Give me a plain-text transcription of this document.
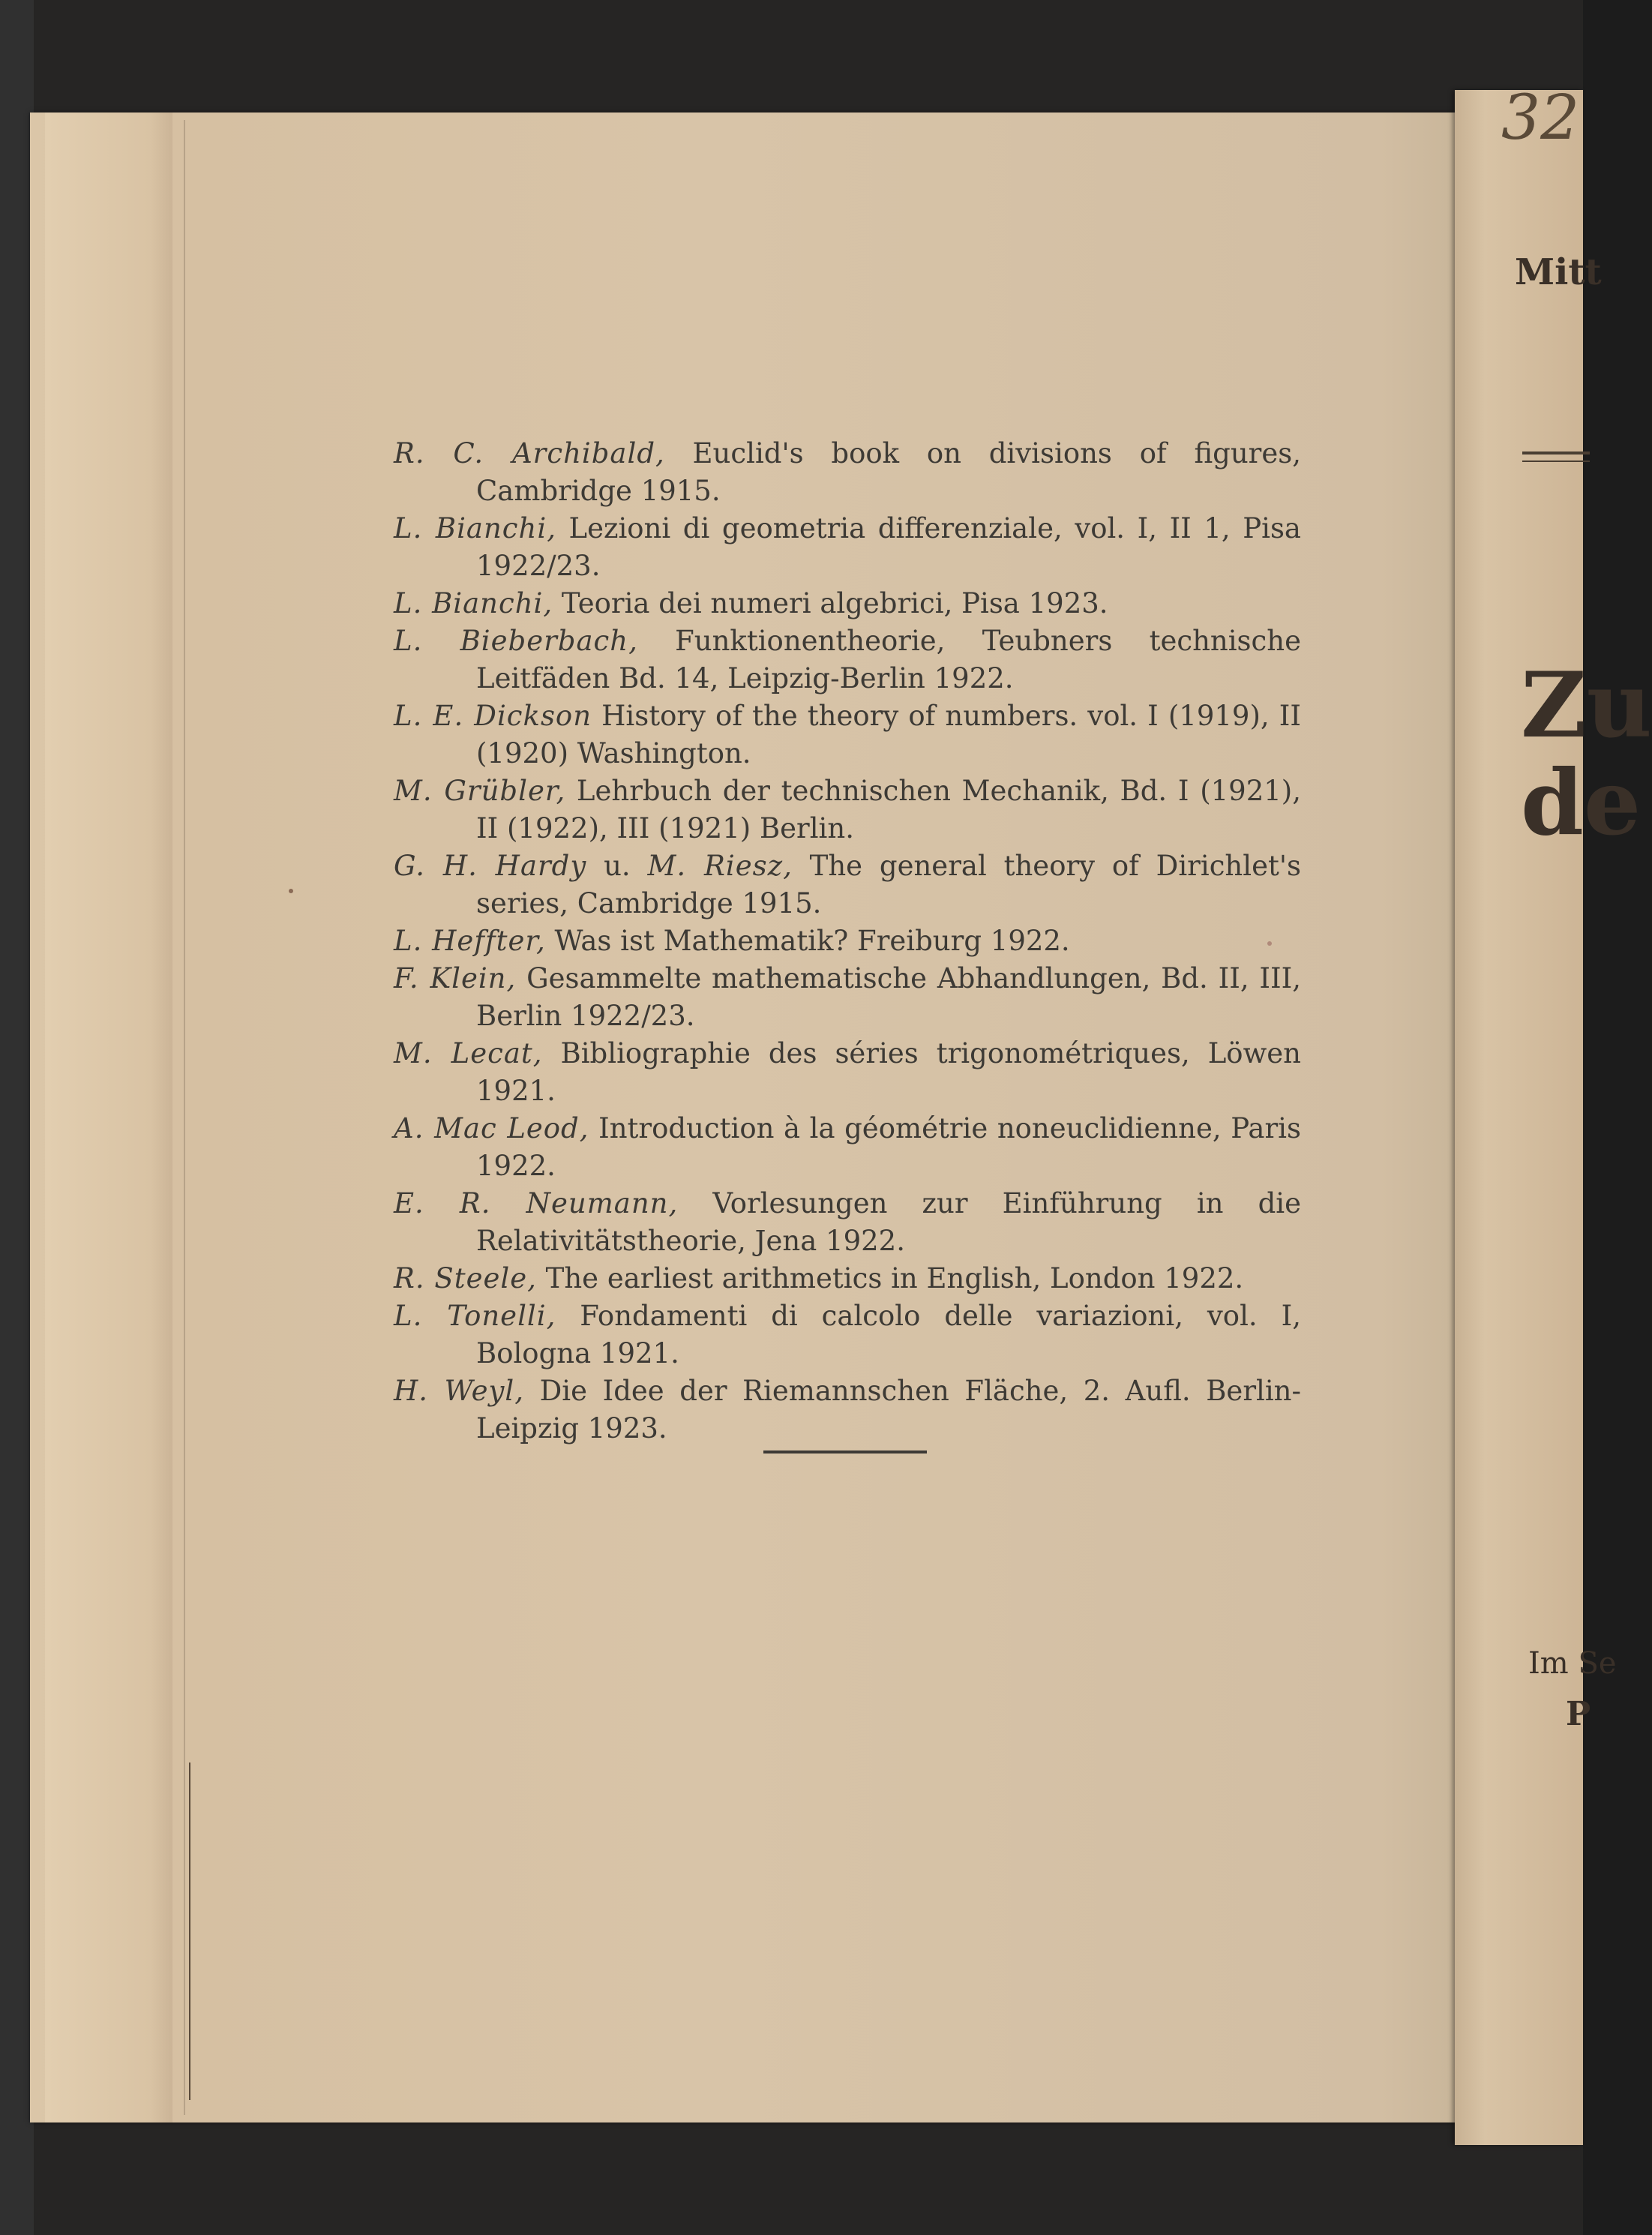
32
Mitt
Zu
de
Im Se
P

R. C. Archibald, Euclid's book on divisions of figures, Cambridge 1915.

L. Bianchi, Lezioni di geometria differenziale, vol. I, II 1, Pisa 1922/23.

L. Bianchi, Teoria dei numeri algebrici, Pisa 1923.

L. Bieberbach, Funktionentheorie, Teubners technische Leitfäden Bd. 14, Leipzig-Berlin 1922.

L. E. Dickson History of the theory of numbers. vol. I (1919), II (1920) Washington.

M. Grübler, Lehrbuch der technischen Mechanik, Bd. I (1921), II (1922), III (1921) Berlin.

G. H. Hardy u. M. Riesz, The general theory of Dirichlet's series, Cambridge 1915.

L. Heffter, Was ist Mathematik? Freiburg 1922.

F. Klein, Gesammelte mathematische Abhandlungen, Bd. II, III, Berlin 1922/23.

M. Lecat, Bibliographie des séries trigonométriques, Löwen 1921.

A. Mac Leod, Introduction à la géométrie noneuclidienne, Paris 1922.

E. R. Neumann, Vorlesungen zur Einführung in die Relativitätstheorie, Jena 1922.

R. Steele, The earliest arithmetics in English, London 1922.

L. Tonelli, Fondamenti di calcolo delle variazioni, vol. I, Bologna 1921.

H. Weyl, Die Idee der Riemannschen Fläche, 2. Aufl. Berlin-Leipzig 1923.
